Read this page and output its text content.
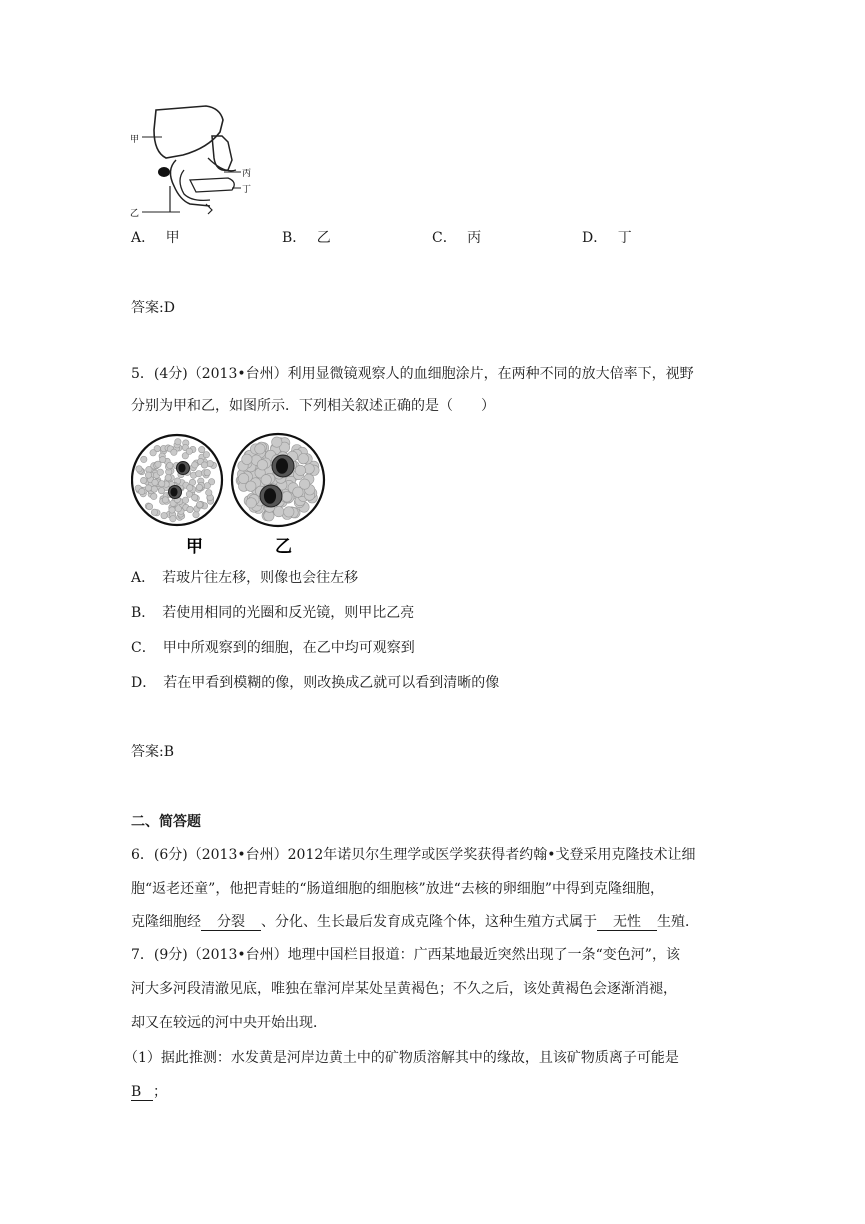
甲
丙
丁
乙
A． 甲	B． 乙	C． 丙	D． 丁
答案:D
5．(4分)（2013•台州）利用显微镜观察人的血细胞涂片，在两种不同的放大倍率下，视野
分别为甲和乙，如图所示．下列相关叙述正确的是（　　）
甲	乙
A．　若玻片往左移，则像也会往左移
B．　若使用相同的光圈和反光镜，则甲比乙亮
C．　甲中所观察到的细胞，在乙中均可观察到
D．　若在甲看到模糊的像，则改换成乙就可以看到清晰的像
答案:B
二、简答题
6．(6分)（2013•台州）2012年诺贝尔生理学或医学奖获得者约翰•戈登采用克隆技术让细
胞“返老还童”，他把青蛙的“肠道细胞的细胞核”放进“去核的卵细胞”中得到克隆细胞，
克隆细胞经 分裂 、分化、生长最后发育成克隆个体，这种生殖方式属于 无性 生殖．
7．(9分)（2013•台州）地理中国栏目报道：广西某地最近突然出现了一条“变色河”，该
河大多河段清澈见底，唯独在靠河岸某处呈黄褐色；不久之后，该处黄褐色会逐渐消褪，
却又在较远的河中央开始出现．
（1）据此推测：水发黄是河岸边黄土中的矿物质溶解其中的缘故，且该矿物质离子可能是
B ；
